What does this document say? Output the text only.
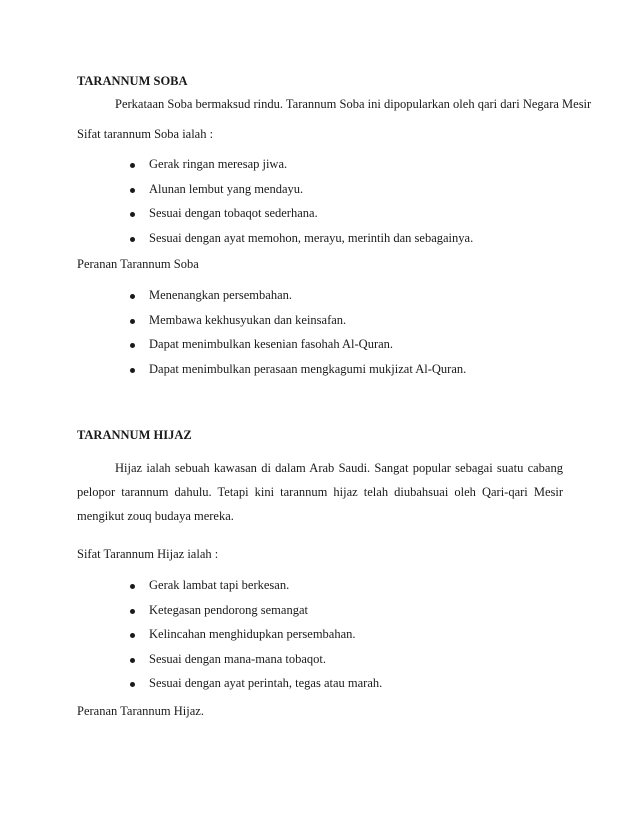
TARANNUM SOBA
Perkataan Soba bermaksud rindu. Tarannum Soba ini dipopularkan oleh qari dari Negara Mesir
Sifat tarannum Soba ialah :
Gerak ringan meresap jiwa.
Alunan lembut yang mendayu.
Sesuai dengan tobaqot sederhana.
Sesuai dengan ayat memohon, merayu, merintih dan sebagainya.
Peranan Tarannum Soba
Menenangkan persembahan.
Membawa kekhusyukan dan keinsafan.
Dapat menimbulkan kesenian fasohah Al-Quran.
Dapat menimbulkan perasaan mengkagumi mukjizat Al-Quran.
TARANNUM HIJAZ
Hijaz ialah sebuah kawasan di dalam Arab Saudi. Sangat popular sebagai suatu cabang pelopor tarannum dahulu. Tetapi kini tarannum hijaz telah diubahsuai oleh Qari-qari Mesir mengikut zouq budaya mereka.
Sifat Tarannum Hijaz ialah :
Gerak lambat tapi berkesan.
Ketegasan pendorong semangat
Kelincahan menghidupkan persembahan.
Sesuai dengan mana-mana tobaqot.
Sesuai dengan ayat perintah, tegas atau marah.
Peranan Tarannum Hijaz.
